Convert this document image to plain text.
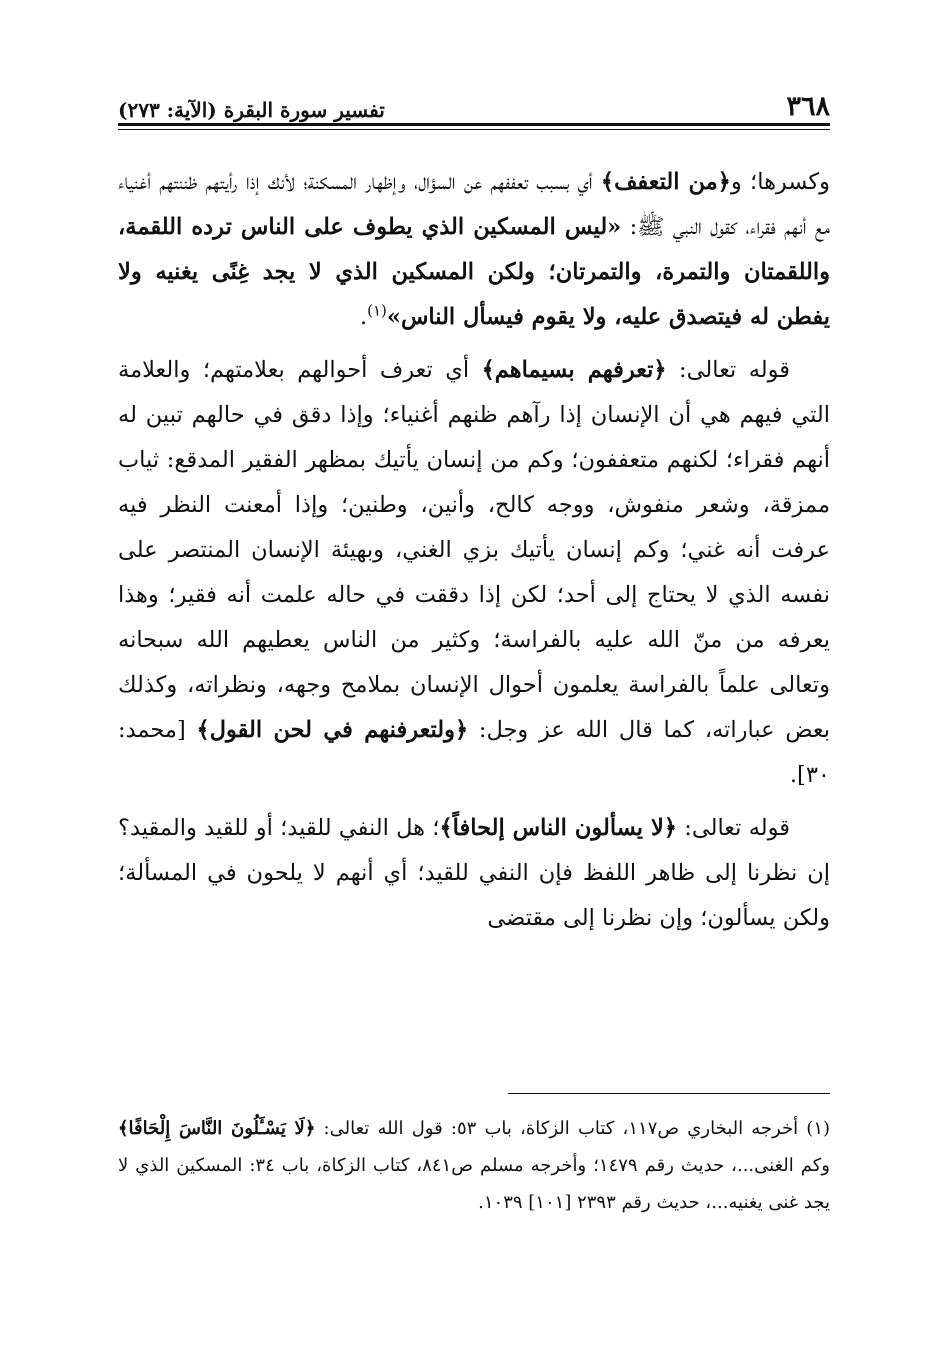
٣٦٨
تفسير سورة البقرة (الآية: ٢٧٣)

وكسرها؛ و﴿من التعفف﴾ أي بسبب تعففهم عن السؤال، وإظهار المسكنة؛ لأنك إذا رأيتهم ظننتهم أغنياء مع أنهم فقراء، كقول النبي ﷺ: «ليس المسكين الذي يطوف على الناس ترده اللقمة، واللقمتان والتمرة، والتمرتان؛ ولكن المسكين الذي لا يجد غِنًى يغنيه ولا يفطن له فيتصدق عليه، ولا يقوم فيسأل الناس»$^{(١)}$.

قوله تعالى: ﴿تعرفهم بسيماهم﴾ أي تعرف أحوالهم بعلامتهم؛ والعلامة التي فيهم هي أن الإنسان إذا رآهم ظنهم أغنياء؛ وإذا دقق في حالهم تبين له أنهم فقراء؛ لكنهم متعففون؛ وكم من إنسان يأتيك بمظهر الفقير المدقع: ثياب ممزقة، وشعر منفوش، ووجه كالح، وأنين، وطنين؛ وإذا أمعنت النظر فيه عرفت أنه غني؛ وكم إنسان يأتيك بزي الغني، وبهيئة الإنسان المنتصر على نفسه الذي لا يحتاج إلى أحد؛ لكن إذا دققت في حاله علمت أنه فقير؛ وهذا يعرفه من منّ الله عليه بالفراسة؛ وكثير من الناس يعطيهم الله سبحانه وتعالى علماً بالفراسة يعلمون أحوال الإنسان بملامح وجهه، ونظراته، وكذلك بعض عباراته، كما قال الله عز وجل: ﴿ولتعرفنهم في لحن القول﴾ [محمد: ٣٠].

قوله تعالى: ﴿لا يسألون الناس إلحافاً﴾؛ هل النفي للقيد؛ أو للقيد والمقيد؟ إن نظرنا إلى ظاهر اللفظ فإن النفي للقيد؛ أي أنهم لا يلحون في المسألة؛ ولكن يسألون؛ وإن نظرنا إلى مقتضى

(١) أخرجه البخاري ص١١٧، كتاب الزكاة، باب ٥٣: قول الله تعالى: ﴿لَا يَسْـَٔلُونَ النَّاسَ إِلْحَافًا﴾ وكم الغنى...، حديث رقم ١٤٧٩؛ وأخرجه مسلم ص٨٤١، كتاب الزكاة، باب ٣٤: المسكين الذي لا يجد غنى يغنيه...، حديث رقم ٢٣٩٣ [١٠١] ١٠٣٩.
